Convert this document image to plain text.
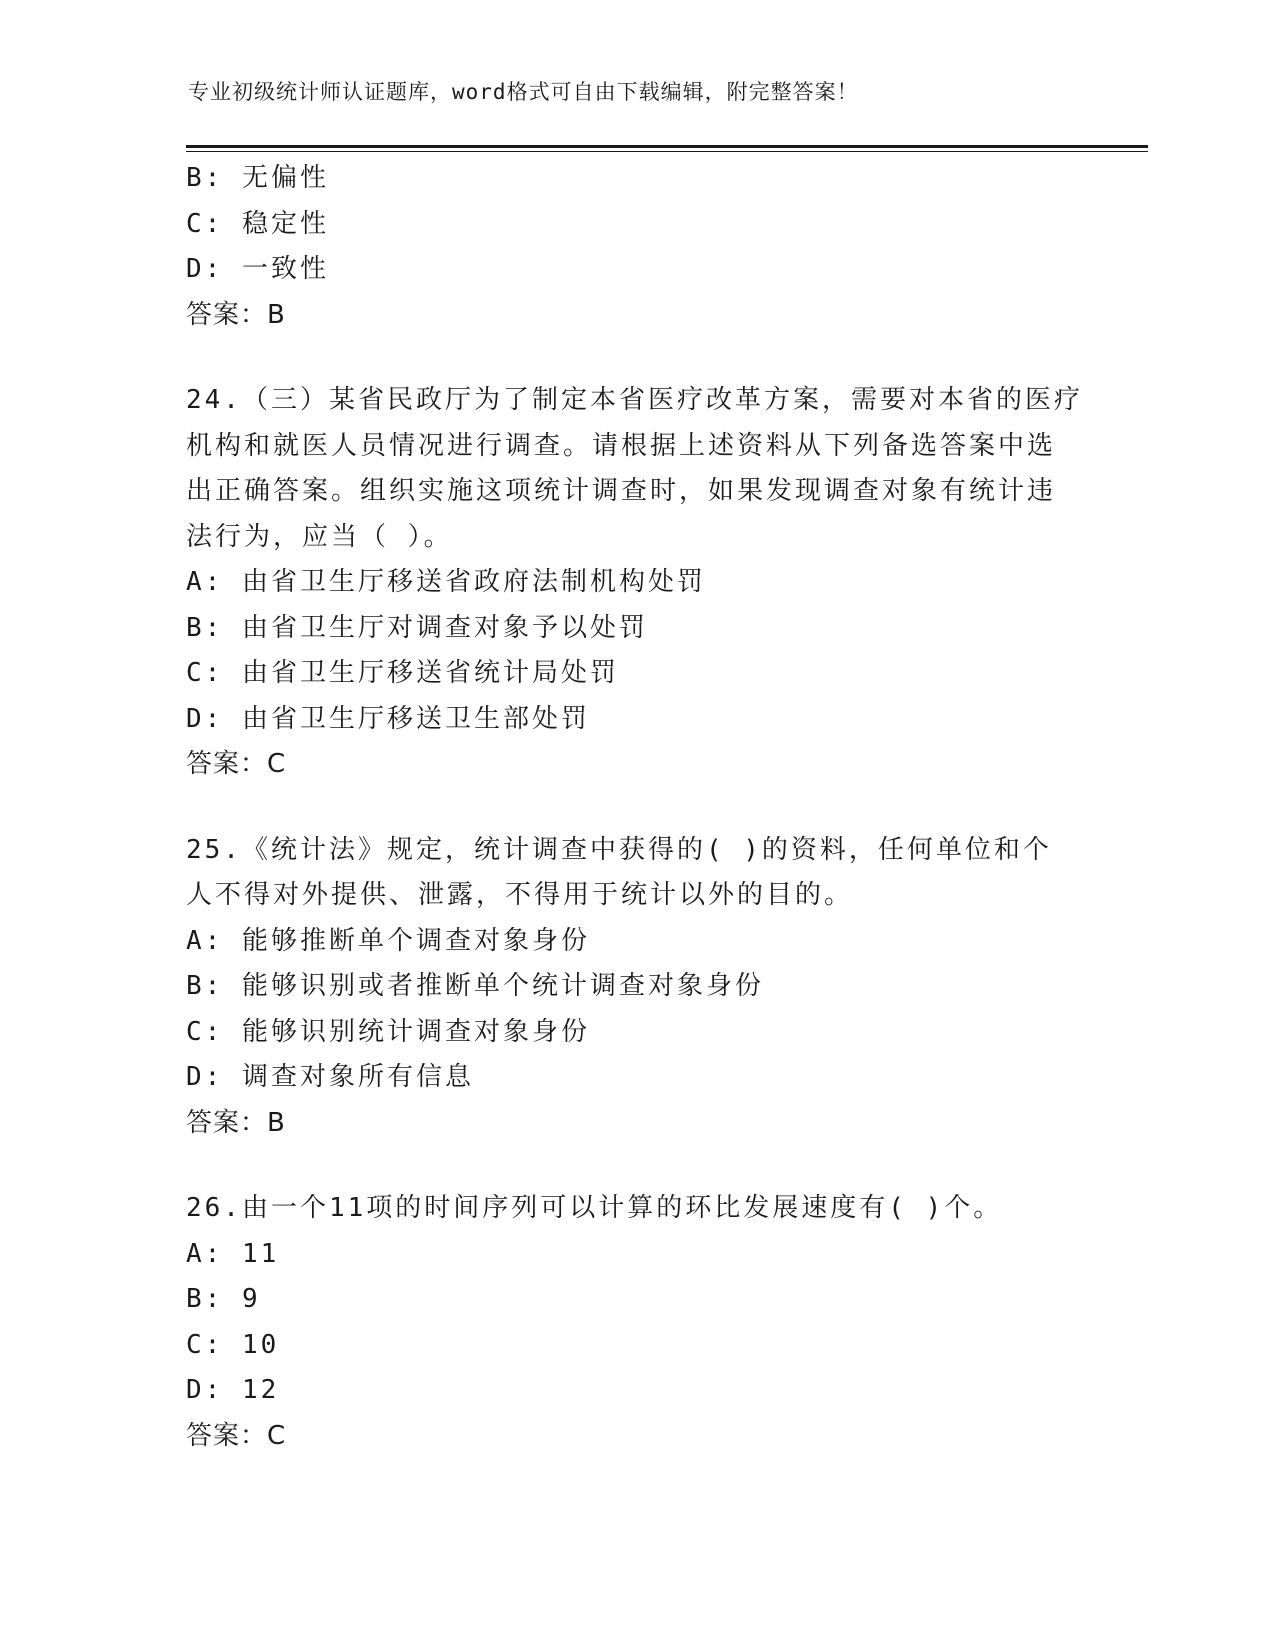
专业初级统计师认证题库，word格式可自由下载编辑，附完整答案！
B: 无偏性
C: 稳定性
D: 一致性
答案：B
24.（三）某省民政厅为了制定本省医疗改革方案，需要对本省的医疗
机构和就医人员情况进行调查。请根据上述资料从下列备选答案中选
出正确答案。组织实施这项统计调查时，如果发现调查对象有统计违
法行为，应当（ ）。
A: 由省卫生厅移送省政府法制机构处罚
B: 由省卫生厅对调查对象予以处罚
C: 由省卫生厅移送省统计局处罚
D: 由省卫生厅移送卫生部处罚
答案：C
25.《统计法》规定，统计调查中获得的( )的资料，任何单位和个
人不得对外提供、泄露，不得用于统计以外的目的。
A: 能够推断单个调查对象身份
B: 能够识别或者推断单个统计调查对象身份
C: 能够识别统计调查对象身份
D: 调查对象所有信息
答案：B
26.由一个11项的时间序列可以计算的环比发展速度有( )个。
A: 11
B: 9
C: 10
D: 12
答案：C
